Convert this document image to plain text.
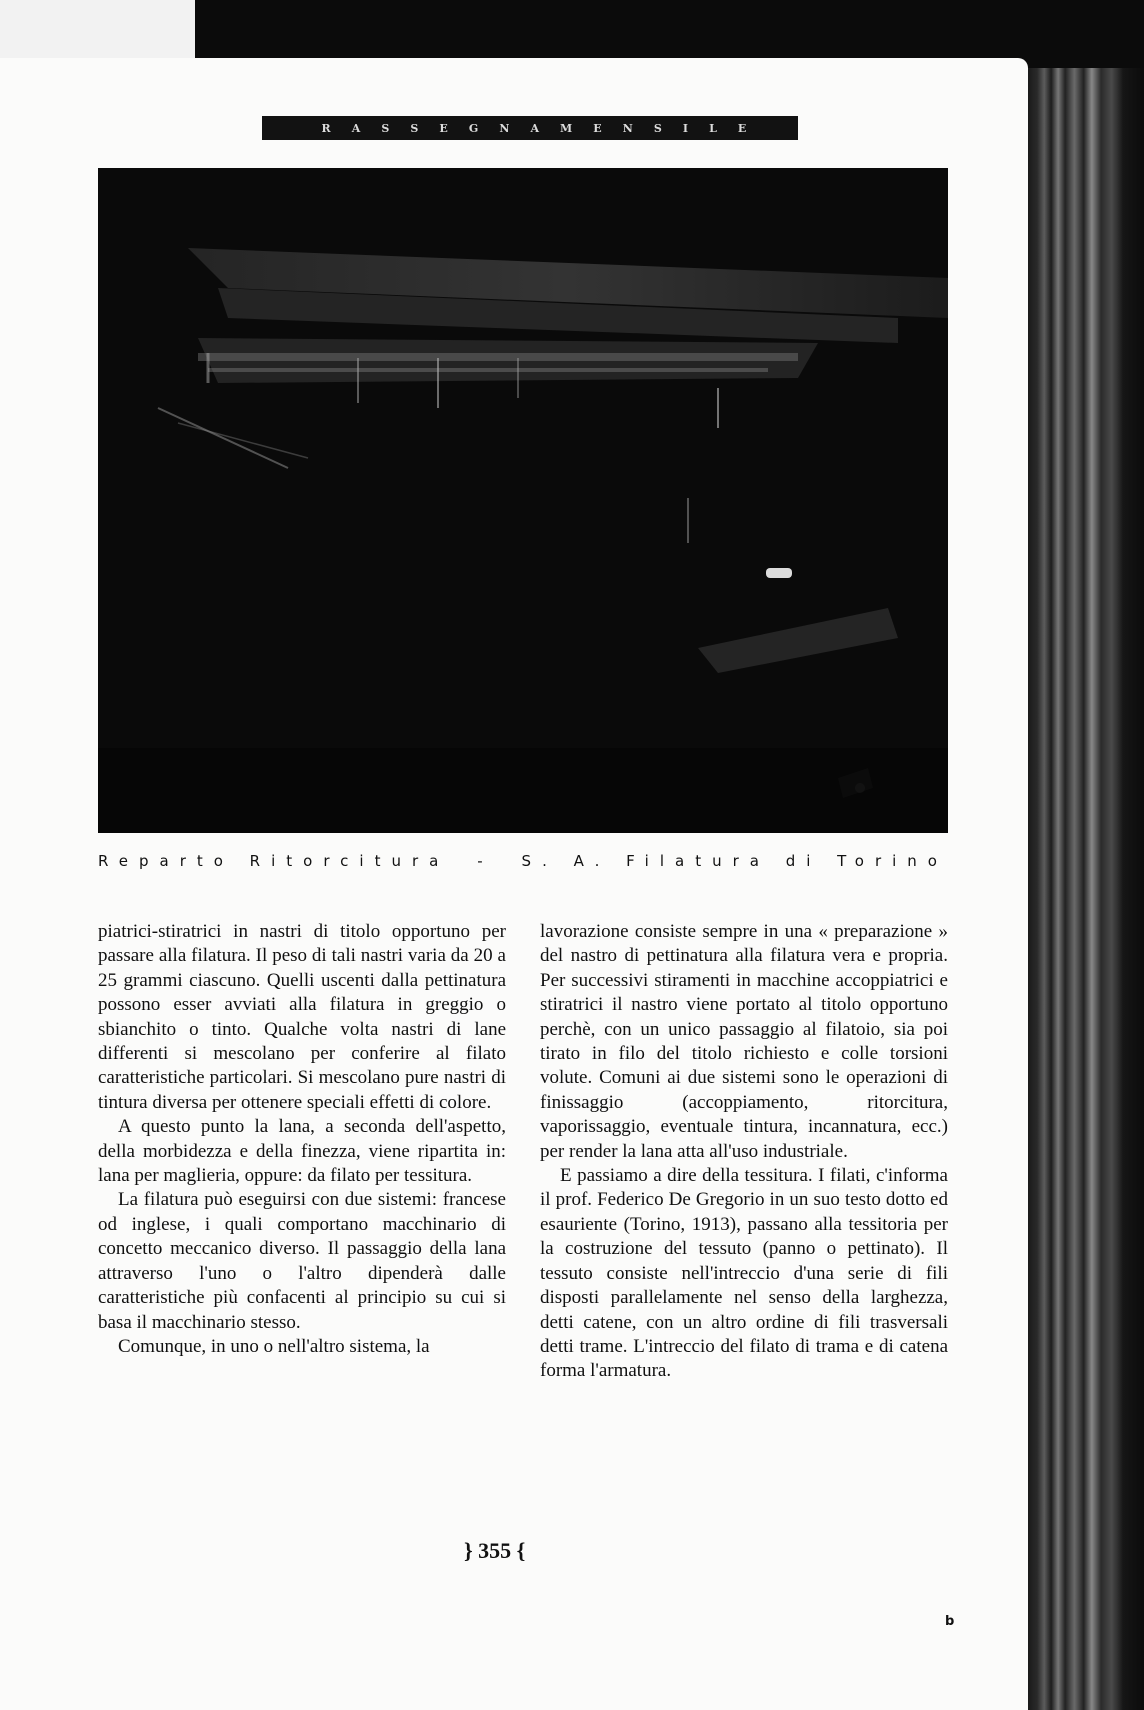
R A S S E G N A M E N S I L E
Reparto Ritorcitura - S. A. Filatura di Torino

piatrici-stiratrici in nastri di titolo opportuno per passare alla filatura. Il peso di tali nastri varia da 20 a 25 grammi ciascuno. Quelli uscenti dalla pettinatura possono esser avviati alla filatura in greggio o sbianchito o tinto. Qualche volta nastri di lane differenti si mescolano per conferire al filato caratteristiche particolari. Si mescolano pure nastri di tintura diversa per ottenere speciali effetti di colore.

A questo punto la lana, a seconda dell'aspetto, della morbidezza e della finezza, viene ripartita in: lana per maglieria, oppure: da filato per tessitura.

La filatura può eseguirsi con due sistemi: francese od inglese, i quali comportano macchinario di concetto meccanico diverso. Il passaggio della lana attraverso l'uno o l'altro dipenderà dalle caratteristiche più confacenti al principio su cui si basa il macchinario stesso.

Comunque, in uno o nell'altro sistema, la

lavorazione consiste sempre in una « preparazione » del nastro di pettinatura alla filatura vera e propria. Per successivi stiramenti in macchine accoppiatrici e stiratrici il nastro viene portato al titolo opportuno perchè, con un unico passaggio al filatoio, sia poi tirato in filo del titolo richiesto e colle torsioni volute. Comuni ai due sistemi sono le operazioni di finissaggio (accoppiamento, ritorcitura, vaporissaggio, eventuale tintura, incannatura, ecc.) per render la lana atta all'uso industriale.

E passiamo a dire della tessitura. I filati, c'informa il prof. Federico De Gregorio in un suo testo dotto ed esauriente (Torino, 1913), passano alla tessitoria per la costruzione del tessuto (panno o pettinato). Il tessuto consiste nell'intreccio d'una serie di fili disposti parallelamente nel senso della larghezza, detti catene, con un altro ordine di fili trasversali detti trame. L'intreccio del filato di trama e di catena forma l'armatura.

} 355 {
b
